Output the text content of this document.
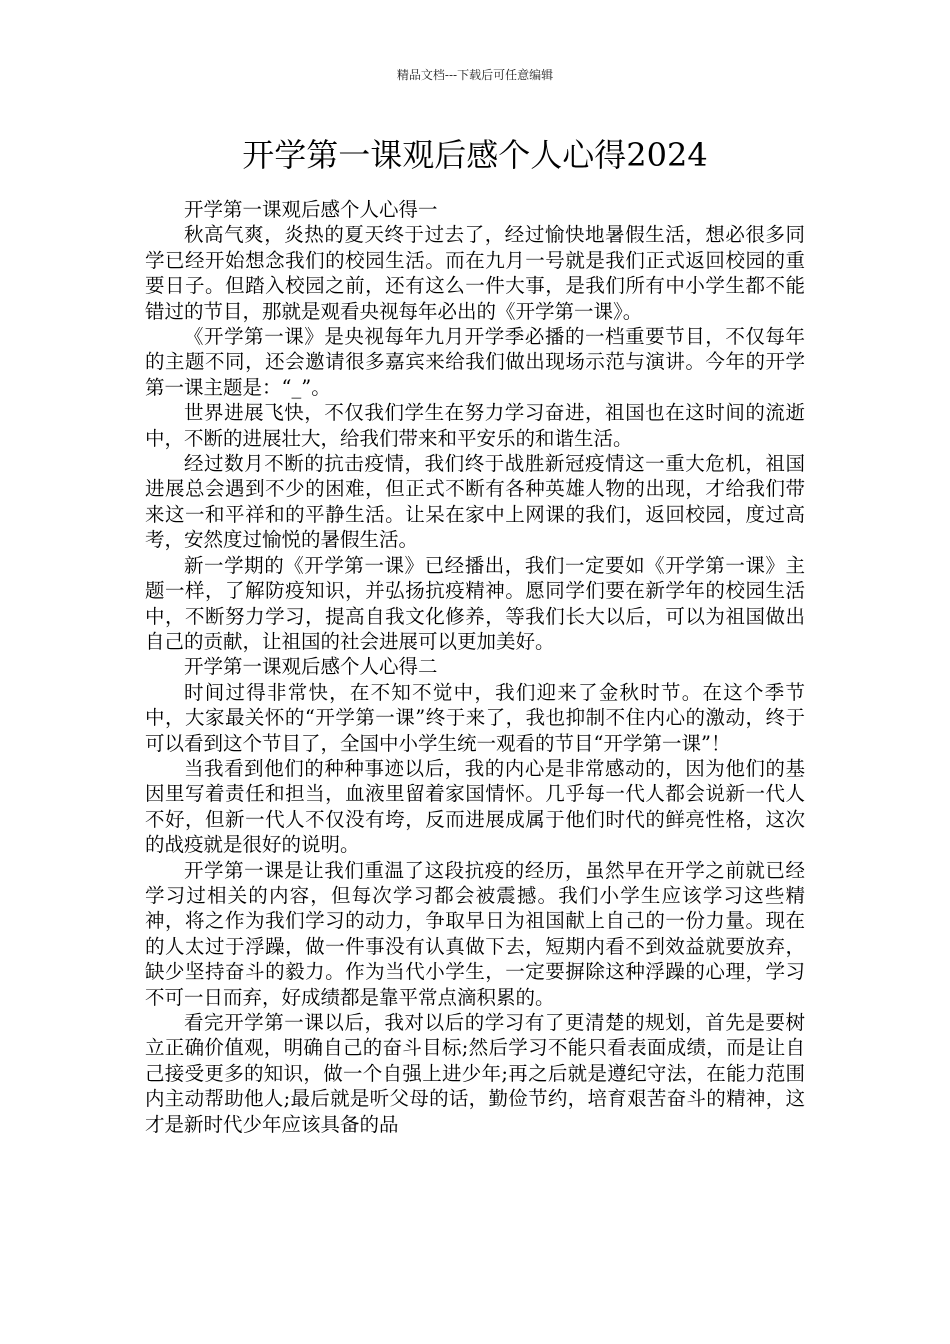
精品文档---下载后可任意编辑
开学第一课观后感个人心得2024

开学第一课观后感个人心得一

秋高气爽，炎热的夏天终于过去了，经过愉快地暑假生活，想必很多同学已经开始想念我们的校园生活。而在九月一号就是我们正式返回校园的重要日子。但踏入校园之前，还有这么一件大事，是我们所有中小学生都不能错过的节目，那就是观看央视每年必出的《开学第一课》。

《开学第一课》是央视每年九月开学季必播的一档重要节目，不仅每年的主题不同，还会邀请很多嘉宾来给我们做出现场示范与演讲。今年的开学第一课主题是：“_”。

世界进展飞快，不仅我们学生在努力学习奋进，祖国也在这时间的流逝中，不断的进展壮大，给我们带来和平安乐的和谐生活。

经过数月不断的抗击疫情，我们终于战胜新冠疫情这一重大危机，祖国进展总会遇到不少的困难，但正式不断有各种英雄人物的出现，才给我们带来这一和平祥和的平静生活。让呆在家中上网课的我们，返回校园，度过高考，安然度过愉悦的暑假生活。

新一学期的《开学第一课》已经播出，我们一定要如《开学第一课》主题一样，了解防疫知识，并弘扬抗疫精神。愿同学们要在新学年的校园生活中，不断努力学习，提高自我文化修养，等我们长大以后，可以为祖国做出自己的贡献，让祖国的社会进展可以更加美好。

开学第一课观后感个人心得二

时间过得非常快，在不知不觉中，我们迎来了金秋时节。在这个季节中，大家最关怀的“开学第一课”终于来了，我也抑制不住内心的激动，终于可以看到这个节目了，全国中小学生统一观看的节目“开学第一课”！

当我看到他们的种种事迹以后，我的内心是非常感动的，因为他们的基因里写着责任和担当，血液里留着家国情怀。几乎每一代人都会说新一代人不好，但新一代人不仅没有垮，反而进展成属于他们时代的鲜亮性格，这次的战疫就是很好的说明。

开学第一课是让我们重温了这段抗疫的经历，虽然早在开学之前就已经学习过相关的内容，但每次学习都会被震撼。我们小学生应该学习这些精神，将之作为我们学习的动力，争取早日为祖国献上自己的一份力量。现在的人太过于浮躁，做一件事没有认真做下去，短期内看不到效益就要放弃，缺少坚持奋斗的毅力。作为当代小学生，一定要摒除这种浮躁的心理，学习不可一日而弃，好成绩都是靠平常点滴积累的。

看完开学第一课以后，我对以后的学习有了更清楚的规划，首先是要树立正确价值观，明确自己的奋斗目标;然后学习不能只看表面成绩，而是让自己接受更多的知识，做一个自强上进少年;再之后就是遵纪守法，在能力范围内主动帮助他人;最后就是听父母的话，勤俭节约，培育艰苦奋斗的精神，这才是新时代少年应该具备的品
